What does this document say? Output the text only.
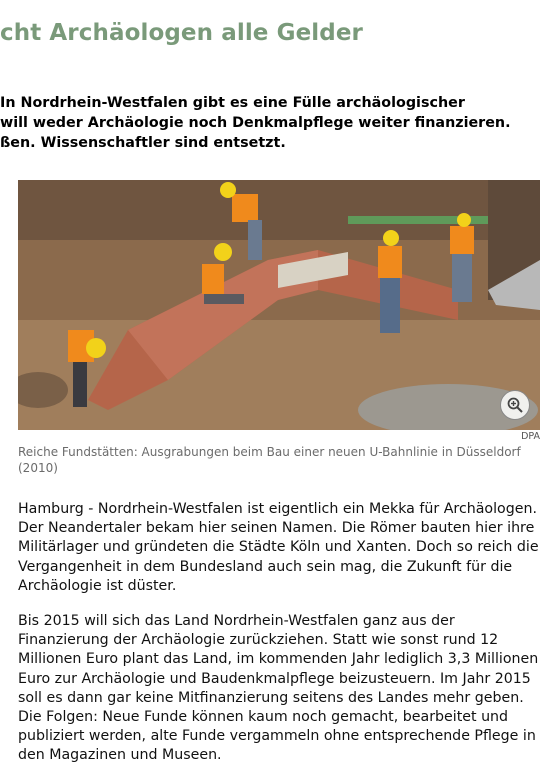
cht Archäologen alle Gelder
In Nordrhein-Westfalen gibt es eine Fülle archäologischer
will weder Archäologie noch Denkmalpflege weiter finanzieren.
ßen. Wissenschaftler sind entsetzt.
DPA

Reiche Fundstätten: Ausgrabungen beim Bau einer neuen U-Bahnlinie in Düsseldorf (2010)

Hamburg - Nordrhein-Westfalen ist eigentlich ein Mekka für Archäologen. Der Neandertaler bekam hier seinen Namen. Die Römer bauten hier ihre Militärlager und gründeten die Städte Köln und Xanten. Doch so reich die Vergangenheit in dem Bundesland auch sein mag, die Zukunft für die Archäologie ist düster.

Bis 2015 will sich das Land Nordrhein-Westfalen ganz aus der Finanzierung der Archäologie zurückziehen. Statt wie sonst rund 12 Millionen Euro plant das Land, im kommenden Jahr lediglich 3,3 Millionen Euro zur Archäologie und Baudenkmalpflege beizusteuern. Im Jahr 2015 soll es dann gar keine Mitfinanzierung seitens des Landes mehr geben. Die Folgen: Neue Funde können kaum noch gemacht, bearbeitet und publiziert werden, alte Funde vergammeln ohne entsprechende Pflege in den Magazinen und Museen.
